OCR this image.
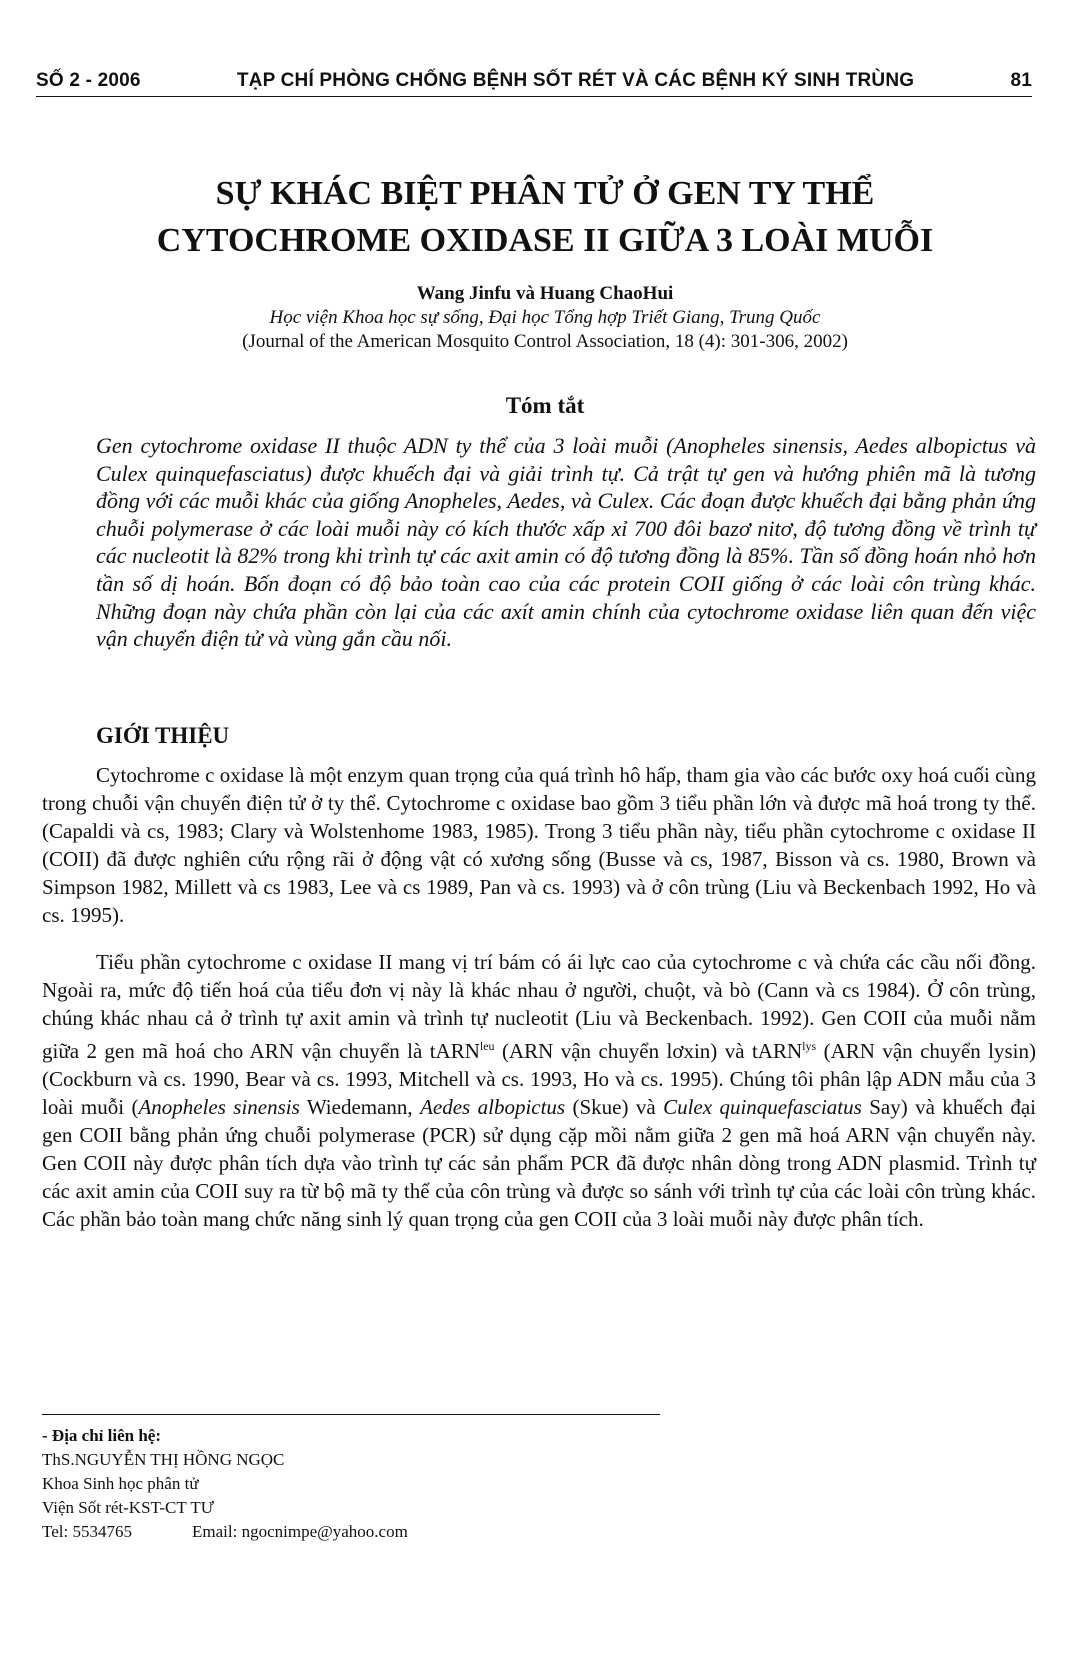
SỐ 2 - 2006	TẠP CHÍ PHÒNG CHỐNG BỆNH SỐT RÉT VÀ CÁC BỆNH KÝ SINH TRÙNG	81
SỰ KHÁC BIỆT PHÂN TỬ Ở GEN TY THỂ
CYTOCHROME OXIDASE II GIỮA 3 LOÀI MUỖI
Wang Jinfu và Huang ChaoHui
Học viện Khoa học sự sống, Đại học Tổng hợp Triết Giang, Trung Quốc
(Journal of the American Mosquito Control Association, 18 (4): 301-306, 2002)
Tóm tắt

Gen cytochrome oxidase II thuộc ADN ty thể của 3 loài muỗi (Anopheles sinensis, Aedes albopictus và Culex quinquefasciatus) được khuếch đại và giải trình tự. Cả trật tự gen và hướng phiên mã là tương đồng với các muỗi khác của giống Anopheles, Aedes, và Culex. Các đoạn được khuếch đại bằng phản ứng chuỗi polymerase ở các loài muỗi này có kích thước xấp xỉ 700 đôi bazơ nitơ, độ tương đồng về trình tự các nucleotit là 82% trong khi trình tự các axit amin có độ tương đồng là 85%. Tần số đồng hoán nhỏ hơn tần số dị hoán. Bốn đoạn có độ bảo toàn cao của các protein COII giống ở các loài côn trùng khác. Những đoạn này chứa phần còn lại của các axít amin chính của cytochrome oxidase liên quan đến việc vận chuyển điện tử và vùng gắn cầu nối.

GIỚI THIỆU

Cytochrome c oxidase là một enzym quan trọng của quá trình hô hấp, tham gia vào các bước oxy hoá cuối cùng trong chuỗi vận chuyển điện tử ở ty thể. Cytochrome c oxidase bao gồm 3 tiểu phần lớn và được mã hoá trong ty thể. (Capaldi và cs, 1983; Clary và Wolstenhome 1983, 1985). Trong 3 tiểu phần này, tiểu phần cytochrome c oxidase II (COII) đã được nghiên cứu rộng rãi ở động vật có xương sống (Busse và cs, 1987, Bisson và cs. 1980, Brown và Simpson 1982, Millett và cs 1983, Lee và cs 1989, Pan và cs. 1993) và ở côn trùng (Liu và Beckenbach 1992, Ho và cs. 1995).

Tiểu phần cytochrome c oxidase II mang vị trí bám có ái lực cao của cytochrome c và chứa các cầu nối đồng. Ngoài ra, mức độ tiến hoá của tiểu đơn vị này là khác nhau ở người, chuột, và bò (Cann và cs 1984). Ở côn trùng, chúng khác nhau cả ở trình tự axit amin và trình tự nucleotit (Liu và Beckenbach. 1992). Gen COII của muỗi nằm giữa 2 gen mã hoá cho ARN vận chuyển là tARN$^{leu}$ (ARN vận chuyển lơxin) và tARN$^{lys}$ (ARN vận chuyển lysin) (Cockburn và cs. 1990, Bear và cs. 1993, Mitchell và cs. 1993, Ho và cs. 1995). Chúng tôi phân lập ADN mẫu của 3 loài muỗi (Anopheles sinensis Wiedemann, Aedes albopictus (Skue) và Culex quinquefasciatus Say) và khuếch đại gen COII bằng phản ứng chuỗi polymerase (PCR) sử dụng cặp mồi nằm giữa 2 gen mã hoá ARN vận chuyển này. Gen COII này được phân tích dựa vào trình tự các sản phẩm PCR đã được nhân dòng trong ADN plasmid. Trình tự các axit amin của COII suy ra từ bộ mã ty thể của côn trùng và được so sánh với trình tự của các loài côn trùng khác. Các phần bảo toàn mang chức năng sinh lý quan trọng của gen COII của 3 loài muỗi này được phân tích.

- Địa chỉ liên hệ:
ThS.NGUYỄN THỊ HỒNG NGỌC
Khoa Sinh học phân tử
Viện Sốt rét-KST-CT TƯ
Tel: 5534765	Email: ngocnimpe@yahoo.com
